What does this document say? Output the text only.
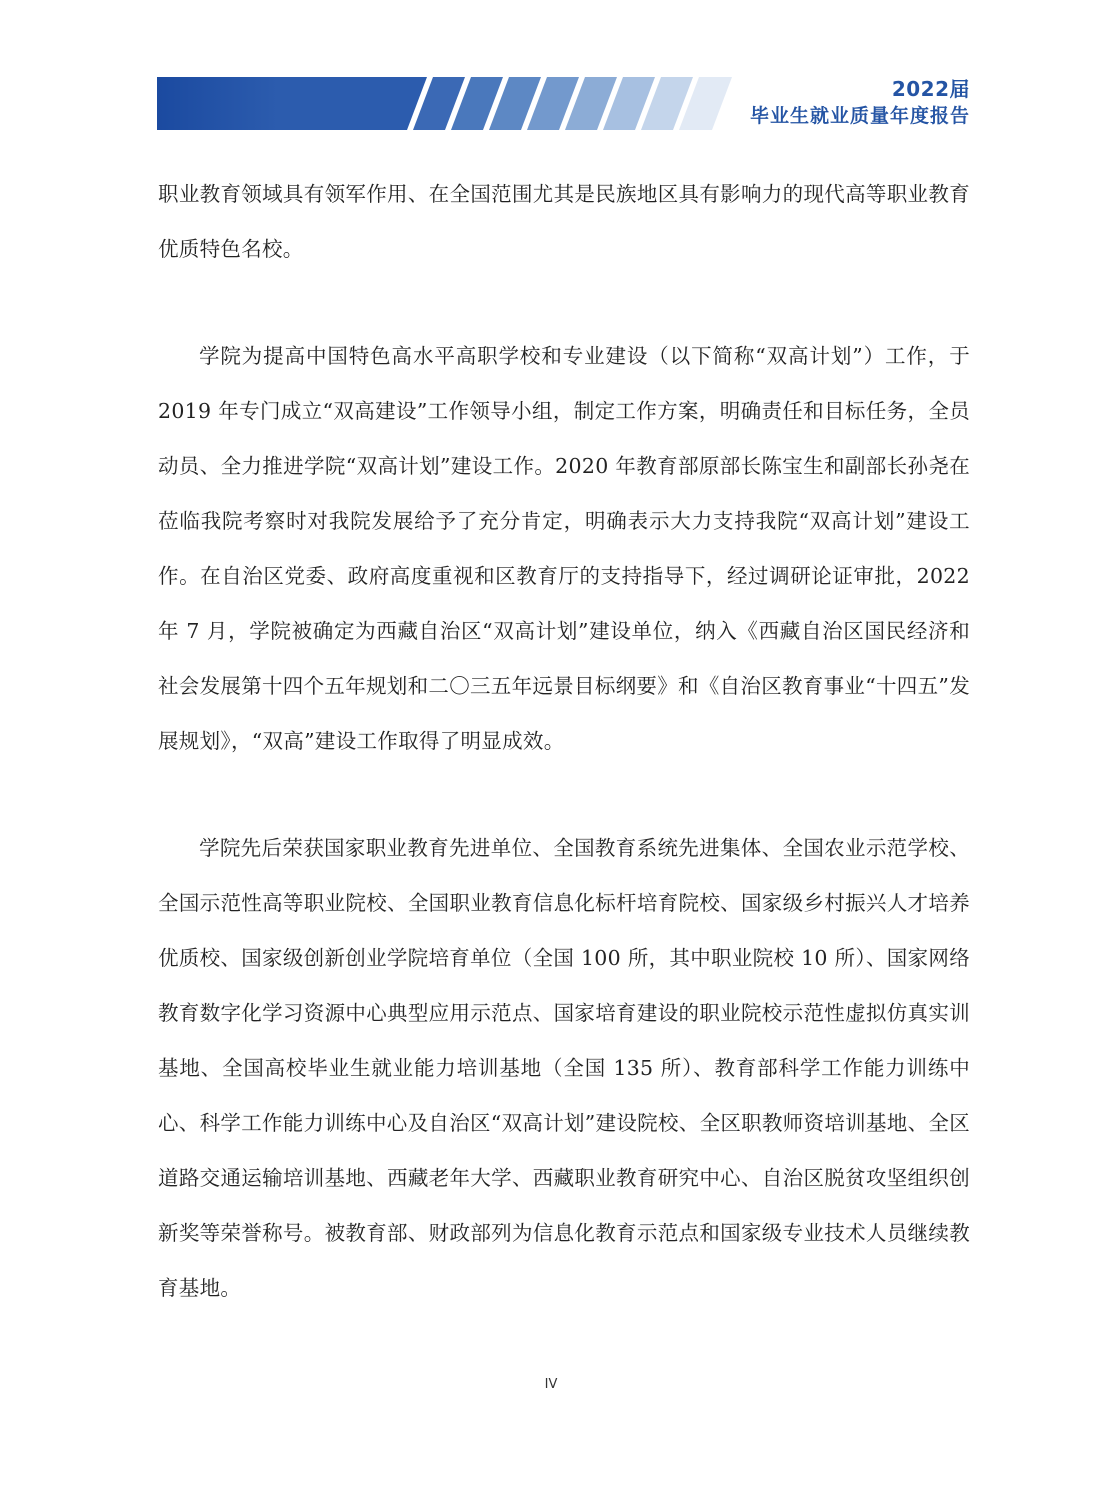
2022届
毕业生就业质量年度报告

职业教育领域具有领军作用、在全国范围尤其是民族地区具有影响力的现代高等职业教育优质特色名校。

学院为提高中国特色高水平高职学校和专业建设（以下简称“双高计划”）工作，于 2019 年专门成立“双高建设”工作领导小组，制定工作方案，明确责任和目标任务，全员动员、全力推进学院“双高计划”建设工作。2020 年教育部原部长陈宝生和副部长孙尧在莅临我院考察时对我院发展给予了充分肯定，明确表示大力支持我院“双高计划”建设工作。在自治区党委、政府高度重视和区教育厅的支持指导下，经过调研论证审批，2022 年 7 月，学院被确定为西藏自治区“双高计划”建设单位，纳入《西藏自治区国民经济和社会发展第十四个五年规划和二〇三五年远景目标纲要》和《自治区教育事业“十四五”发展规划》，“双高”建设工作取得了明显成效。

学院先后荣获国家职业教育先进单位、全国教育系统先进集体、全国农业示范学校、全国示范性高等职业院校、全国职业教育信息化标杆培育院校、国家级乡村振兴人才培养优质校、国家级创新创业学院培育单位（全国 100 所，其中职业院校 10 所）、国家网络教育数字化学习资源中心典型应用示范点、国家培育建设的职业院校示范性虚拟仿真实训基地、全国高校毕业生就业能力培训基地（全国 135 所）、教育部科学工作能力训练中心、科学工作能力训练中心及自治区“双高计划”建设院校、全区职教师资培训基地、全区道路交通运输培训基地、西藏老年大学、西藏职业教育研究中心、自治区脱贫攻坚组织创新奖等荣誉称号。被教育部、财政部列为信息化教育示范点和国家级专业技术人员继续教育基地。

IV
